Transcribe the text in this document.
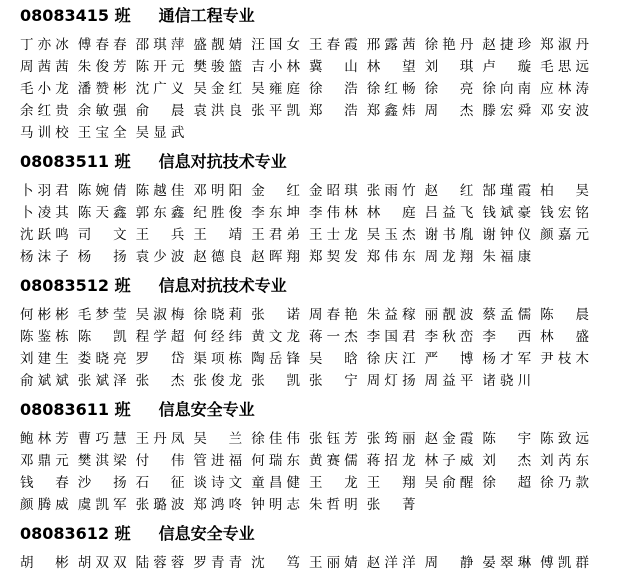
08083415 班 通信工程专业
丁亦冰 傅春春 邵琪萍 盛靓婧 汪国女 王春霞 邢露茜 徐艳丹 赵捷珍 郑淑丹
周茜茜 朱俊芳 陈开元 樊骏篮 吉小林 冀 山 林 望 刘 琪 卢 璇 毛思远
毛小龙 潘赞彬 沈广义 吴金红 吴雍庭 徐 浩 徐红畅 徐 亮 徐向南 应林涛
余红贵 余敏强 俞 晨 袁洪良 张平凯 郑 浩 郑鑫炜 周 杰 滕宏舜 邓安波
马训校 王宝全 吴显武
08083511 班 信息对抗技术专业
卜羽君 陈婉倩 陈越佳 邓明阳 金 红 金昭琪 张雨竹 赵 红 郜瑾霞 柏 昊
卜凌其 陈天鑫 郭东鑫 纪胜俊 李东坤 李伟林 林 庭 吕益飞 钱斌豪 钱宏铭
沈跃鸣 司 文 王 兵 王 靖 王君弟 王士龙 吴玉杰 谢书胤 谢钟仪 颜嘉元
杨沫子 杨 扬 袁少波 赵德良 赵晖翔 郑契发 郑伟东 周龙翔 朱福康
08083512 班 信息对抗技术专业
何彬彬 毛梦莹 吴淑梅 徐晓莉 张 诺 周春艳 朱益稼 丽靓波 蔡孟儒 陈 晨
陈鉴栋 陈 凯 程学超 何经纬 黄文龙 蒋一杰 李国君 李秋峦 李 西 林 盛
刘建生 娄晓亮 罗 岱 渠项栋 陶岳锋 吴 晗 徐庆江 严 博 杨才军 尹枝木
俞斌斌 张斌泽 张 杰 张俊龙 张 凯 张 宁 周灯扬 周益平 诸骁川
08083611 班 信息安全专业
鲍林芳 曹巧慧 王丹凤 吴 兰 徐佳伟 张钰芳 张筠丽 赵金霞 陈 宇 陈致远
邓鼎元 樊淇梁 付 伟 管进福 何瑞东 黄赛儒 蒋招龙 林子威 刘 杰 刘芮东
钱 春 沙 扬 石 征 谈诗文 童昌健 王 龙 王 翔 吴俞醒 徐 超 徐乃款
颜腾威 虞凯军 张璐波 郑鸿咚 钟明志 朱哲明 张 菁
08083612 班 信息安全专业
胡 彬 胡双双 陆蓉蓉 罗青青 沈 笃 王丽婧 赵洋洋 周 静 晏翠琳 傅凯群
